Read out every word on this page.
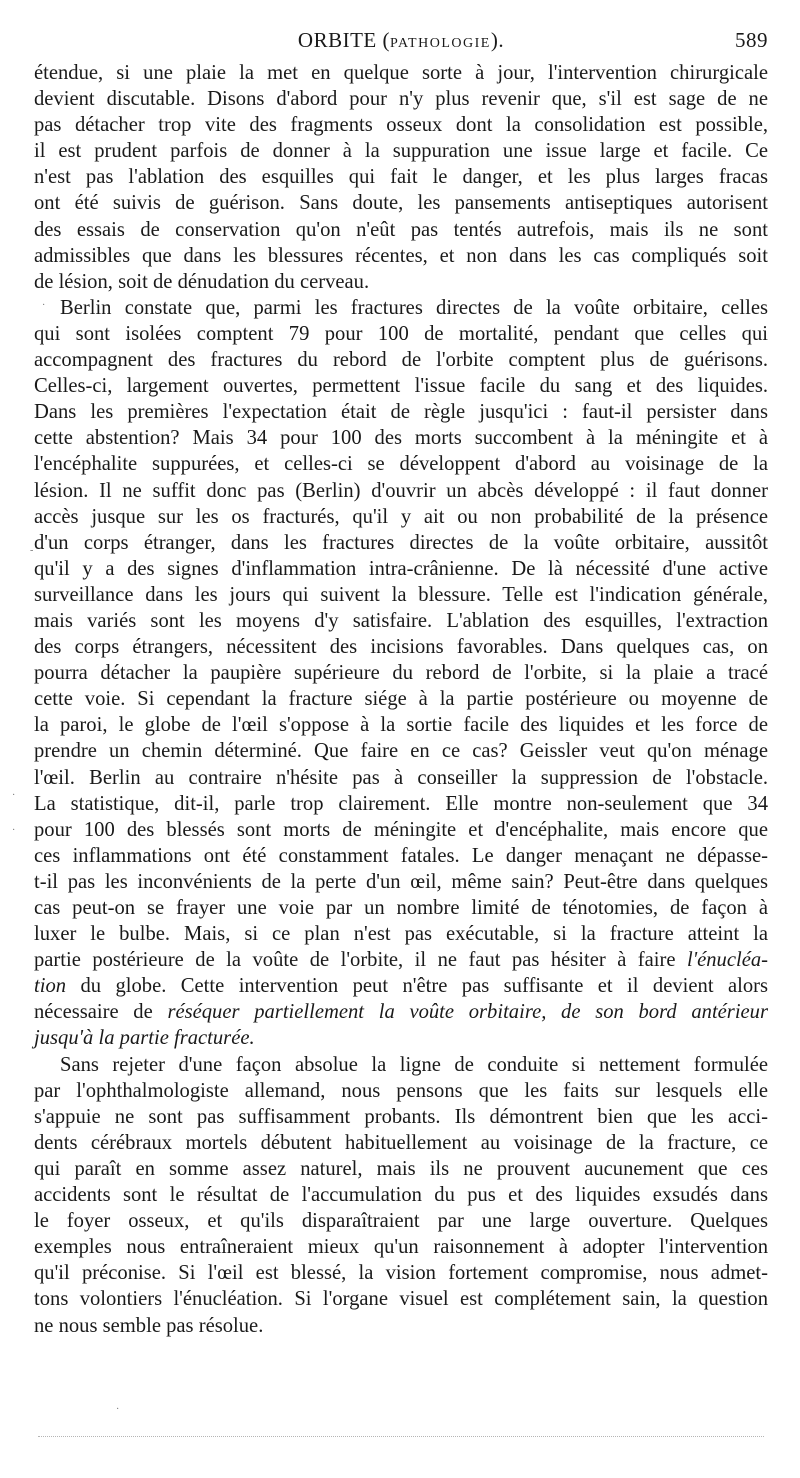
ORBITE (PATHOLOGIE).	589
étendue, si une plaie la met en quelque sorte à jour, l'intervention chirurgicale
devient discutable. Disons d'abord pour n'y plus revenir que, s'il est sage de ne
pas détacher trop vite des fragments osseux dont la consolidation est possible,
il est prudent parfois de donner à la suppuration une issue large et facile. Ce
n'est pas l'ablation des esquilles qui fait le danger, et les plus larges fracas
ont été suivis de guérison. Sans doute, les pansements antiseptiques autorisent
des essais de conservation qu'on n'eût pas tentés autrefois, mais ils ne sont
admissibles que dans les blessures récentes, et non dans les cas compliqués soit
de lésion, soit de dénudation du cerveau.
Berlin constate que, parmi les fractures directes de la voûte orbitaire, celles
qui sont isolées comptent 79 pour 100 de mortalité, pendant que celles qui
accompagnent des fractures du rebord de l'orbite comptent plus de guérisons.
Celles-ci, largement ouvertes, permettent l'issue facile du sang et des liquides.
Dans les premières l'expectation était de règle jusqu'ici : faut-il persister dans
cette abstention? Mais 34 pour 100 des morts succombent à la méningite et à
l'encéphalite suppurées, et celles-ci se développent d'abord au voisinage de la
lésion. Il ne suffit donc pas (Berlin) d'ouvrir un abcès développé : il faut donner
accès jusque sur les os fracturés, qu'il y ait ou non probabilité de la présence
d'un corps étranger, dans les fractures directes de la voûte orbitaire, aussitôt
qu'il y a des signes d'inflammation intra-crânienne. De là nécessité d'une active
surveillance dans les jours qui suivent la blessure. Telle est l'indication générale,
mais variés sont les moyens d'y satisfaire. L'ablation des esquilles, l'extraction
des corps étrangers, nécessitent des incisions favorables. Dans quelques cas, on
pourra détacher la paupière supérieure du rebord de l'orbite, si la plaie a tracé
cette voie. Si cependant la fracture siége à la partie postérieure ou moyenne de
la paroi, le globe de l'œil s'oppose à la sortie facile des liquides et les force de
prendre un chemin déterminé. Que faire en ce cas? Geissler veut qu'on ménage
l'œil. Berlin au contraire n'hésite pas à conseiller la suppression de l'obstacle.
La statistique, dit-il, parle trop clairement. Elle montre non-seulement que 34
pour 100 des blessés sont morts de méningite et d'encéphalite, mais encore que
ces inflammations ont été constamment fatales. Le danger menaçant ne dépasse-
t-il pas les inconvénients de la perte d'un œil, même sain? Peut-être dans quelques
cas peut-on se frayer une voie par un nombre limité de ténotomies, de façon à
luxer le bulbe. Mais, si ce plan n'est pas exécutable, si la fracture atteint la
partie postérieure de la voûte de l'orbite, il ne faut pas hésiter à faire l'énucléa-
tion du globe. Cette intervention peut n'être pas suffisante et il devient alors
nécessaire de réséquer partiellement la voûte orbitaire, de son bord antérieur
jusqu'à la partie fracturée.
Sans rejeter d'une façon absolue la ligne de conduite si nettement formulée
par l'ophthalmologiste allemand, nous pensons que les faits sur lesquels elle
s'appuie ne sont pas suffisamment probants. Ils démontrent bien que les acci-
dents cérébraux mortels débutent habituellement au voisinage de la fracture, ce
qui paraît en somme assez naturel, mais ils ne prouvent aucunement que ces
accidents sont le résultat de l'accumulation du pus et des liquides exsudés dans
le foyer osseux, et qu'ils disparaîtraient par une large ouverture. Quelques
exemples nous entraîneraient mieux qu'un raisonnement à adopter l'intervention
qu'il préconise. Si l'œil est blessé, la vision fortement compromise, nous admet-
tons volontiers l'énucléation. Si l'organe visuel est complétement sain, la question
ne nous semble pas résolue.
·
-
·
·
·
